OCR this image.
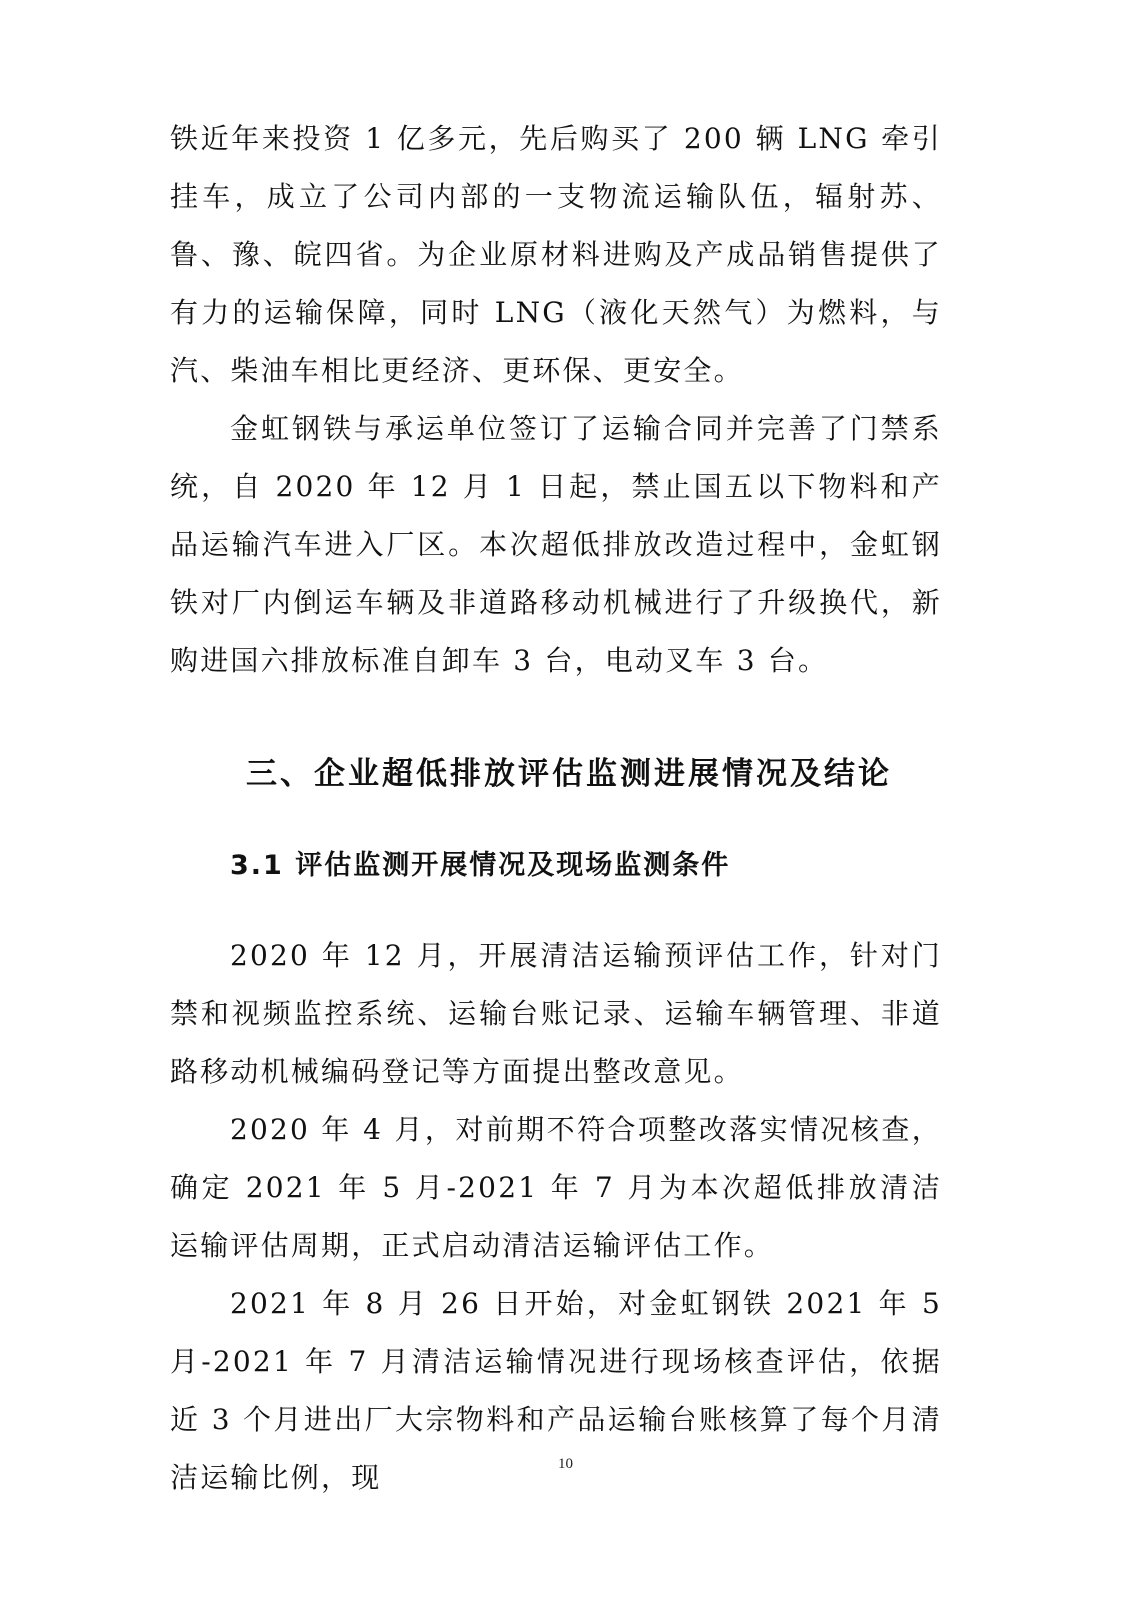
铁近年来投资 1 亿多元，先后购买了 200 辆 LNG 牵引挂车，成立了公司内部的一支物流运输队伍，辐射苏、鲁、豫、皖四省。为企业原材料进购及产成品销售提供了有力的运输保障，同时 LNG（液化天然气）为燃料，与汽、柴油车相比更经济、更环保、更安全。

金虹钢铁与承运单位签订了运输合同并完善了门禁系统，自 2020 年 12 月 1 日起，禁止国五以下物料和产品运输汽车进入厂区。本次超低排放改造过程中，金虹钢铁对厂内倒运车辆及非道路移动机械进行了升级换代，新购进国六排放标准自卸车 3 台，电动叉车 3 台。

三、企业超低排放评估监测进展情况及结论
3.1 评估监测开展情况及现场监测条件

2020 年 12 月，开展清洁运输预评估工作，针对门禁和视频监控系统、运输台账记录、运输车辆管理、非道路移动机械编码登记等方面提出整改意见。

2020 年 4 月，对前期不符合项整改落实情况核查，确定 2021 年 5 月-2021 年 7 月为本次超低排放清洁运输评估周期，正式启动清洁运输评估工作。

2021 年 8 月 26 日开始，对金虹钢铁 2021 年 5 月-2021 年 7 月清洁运输情况进行现场核查评估，依据近 3 个月进出厂大宗物料和产品运输台账核算了每个月清洁运输比例，现	10
